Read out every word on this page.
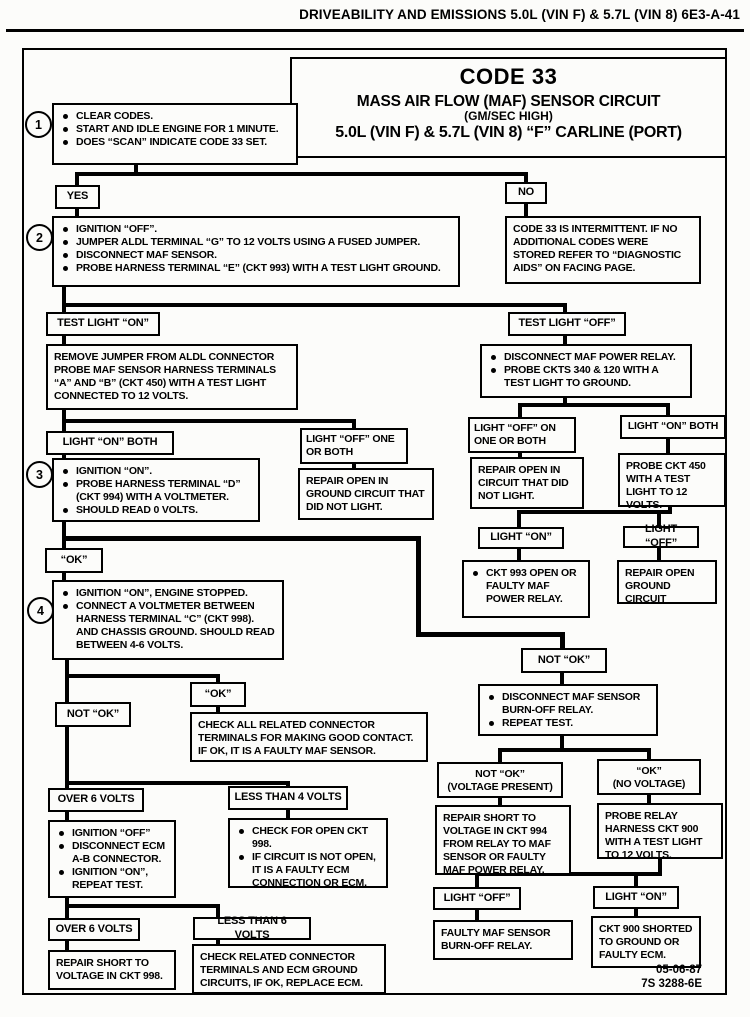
DRIVEABILITY AND EMISSIONS 5.0L (VIN F) & 5.7L (VIN 8) 6E3-A-41
CODE 33
MASS AIR FLOW (MAF) SENSOR CIRCUIT
(GM/SEC HIGH)
5.0L (VIN F) & 5.7L (VIN 8) “F” CARLINE (PORT)
1
2
3
4
CLEAR CODES.
START AND IDLE ENGINE FOR 1 MINUTE.
DOES “SCAN” INDICATE CODE 33 SET.
YES	NO
IGNITION “OFF”.
JUMPER ALDL TERMINAL “G” TO 12 VOLTS USING A FUSED JUMPER.
DISCONNECT MAF SENSOR.
PROBE HARNESS TERMINAL “E” (CKT 993) WITH A TEST LIGHT GROUND.
CODE 33 IS INTERMITTENT. IF NO ADDITIONAL CODES WERE STORED REFER TO “DIAGNOSTIC AIDS” ON FACING PAGE.
TEST LIGHT “ON”
REMOVE JUMPER FROM ALDL CONNECTOR
PROBE MAF SENSOR HARNESS TERMINALS
“A” AND “B” (CKT 450) WITH A TEST LIGHT
CONNECTED TO 12 VOLTS.
TEST LIGHT “OFF”
DISCONNECT MAF POWER RELAY.
PROBE CKTS 340 & 120 WITH A TEST LIGHT TO GROUND.
LIGHT “ON” BOTH	LIGHT “OFF” ONE OR BOTH
IGNITION “ON”.
PROBE HARNESS TERMINAL “D” (CKT 994) WITH A VOLTMETER.
SHOULD READ 0 VOLTS.
REPAIR OPEN IN GROUND CIRCUIT THAT DID NOT LIGHT.
LIGHT “OFF” ON ONE OR BOTH
LIGHT “ON” BOTH
REPAIR OPEN IN CIRCUIT THAT DID NOT LIGHT.
PROBE CKT 450 WITH A TEST LIGHT TO 12 VOLTS.
LIGHT “ON”
LIGHT “OFF”
CKT 993 OPEN OR FAULTY MAF POWER RELAY.
REPAIR OPEN GROUND CIRCUIT
“OK”
IGNITION “ON”, ENGINE STOPPED.
CONNECT A VOLTMETER BETWEEN HARNESS TERMINAL “C” (CKT 998). AND CHASSIS GROUND. SHOULD READ BETWEEN 4-6 VOLTS.
NOT “OK”
DISCONNECT MAF SENSOR BURN-OFF RELAY.
REPEAT TEST.
“OK”
CHECK ALL RELATED CONNECTOR
TERMINALS FOR MAKING GOOD CONTACT.
IF OK, IT IS A FAULTY MAF SENSOR.
NOT “OK”
NOT “OK”
(VOLTAGE PRESENT)
“OK”
(NO VOLTAGE)
REPAIR SHORT TO VOLTAGE IN CKT 994 FROM RELAY TO MAF SENSOR OR FAULTY MAF POWER RELAY.
PROBE RELAY HARNESS CKT 900 WITH A TEST LIGHT TO 12 VOLTS.
LIGHT “OFF”	LIGHT “ON”
FAULTY MAF SENSOR BURN-OFF RELAY.
CKT 900 SHORTED TO GROUND OR FAULTY ECM.
OVER 6 VOLTS	LESS THAN 4 VOLTS
IGNITION “OFF”
DISCONNECT ECM A-B CONNECTOR.
IGNITION “ON”, REPEAT TEST.
CHECK FOR OPEN CKT 998.
IF CIRCUIT IS NOT OPEN, IT IS A FAULTY ECM CONNECTION OR ECM.
OVER 6 VOLTS
LESS THAN 6 VOLTS
REPAIR SHORT TO VOLTAGE IN CKT 998.
CHECK RELATED CONNECTOR
TERMINALS AND ECM GROUND
CIRCUITS, IF OK, REPLACE ECM.
05-06-87
7S 3288-6E
